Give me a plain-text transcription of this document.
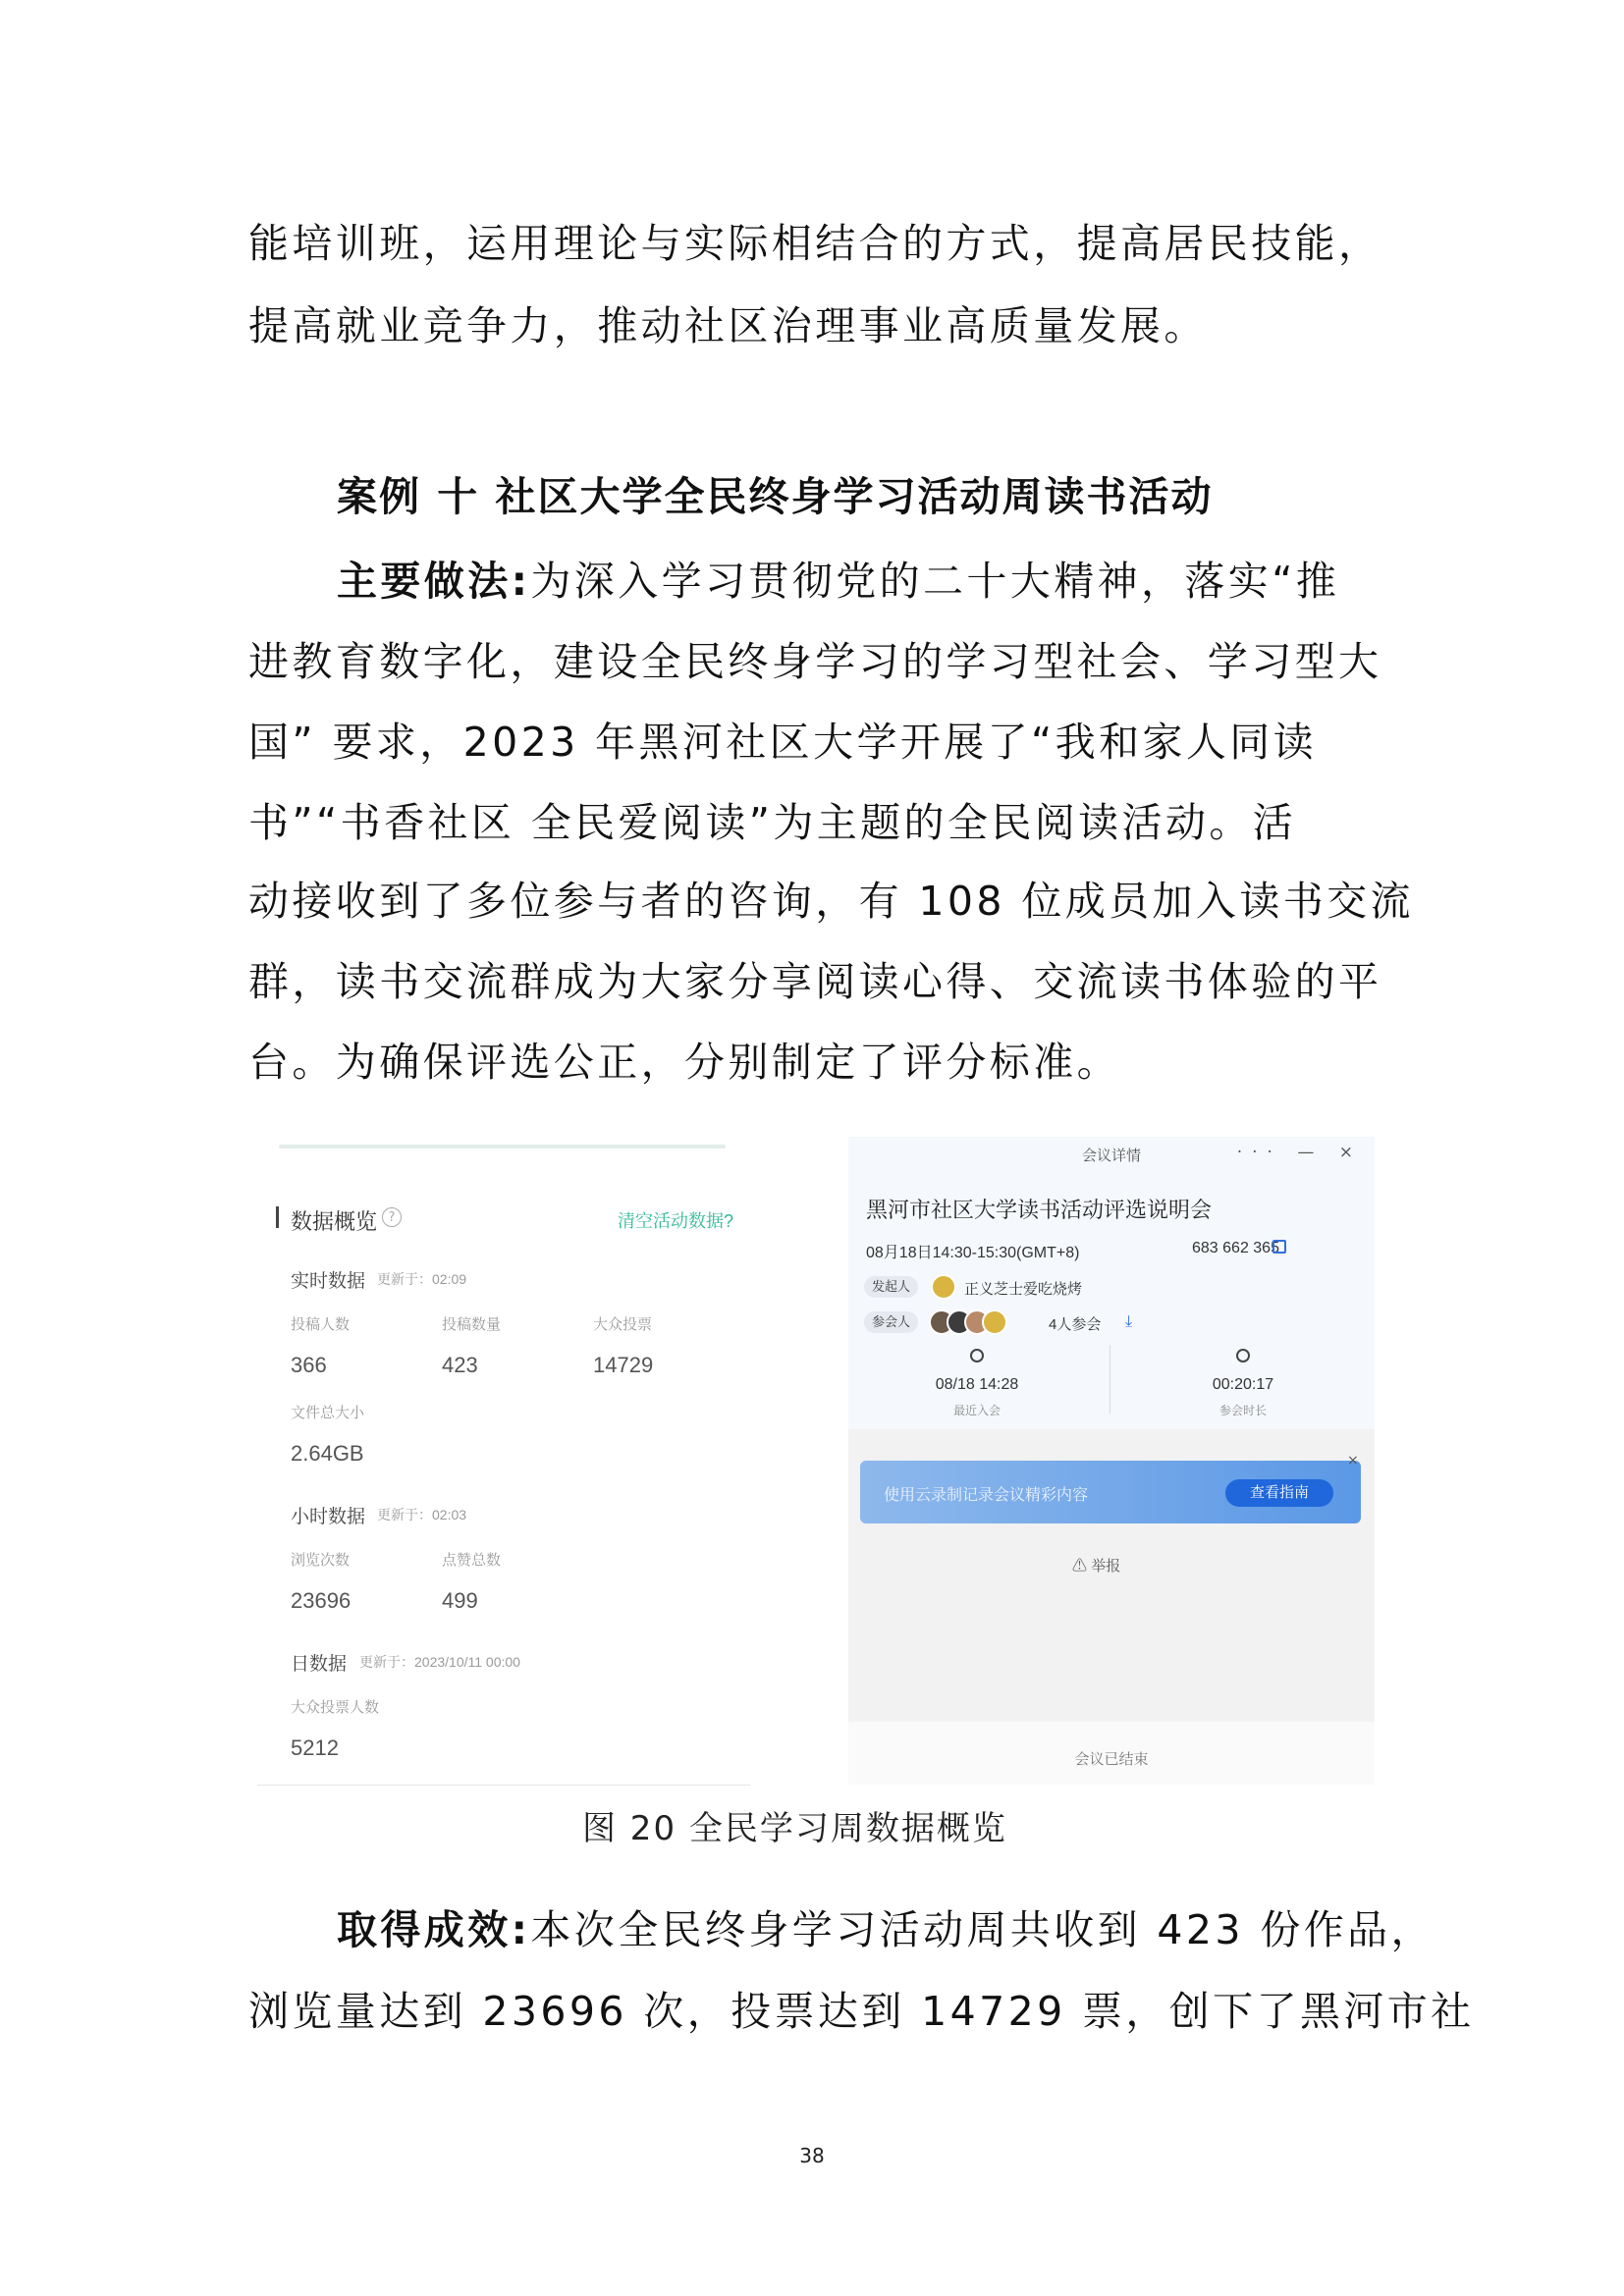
能培训班，运用理论与实际相结合的方式，提高居民技能，
提高就业竞争力，推动社区治理事业高质量发展。
案例 十 社区大学全民终身学习活动周读书活动
主要做法:为深入学习贯彻党的二十大精神，落实“推
进教育数字化，建设全民终身学习的学习型社会、学习型大
国” 要求，2023 年黑河社区大学开展了“我和家人同读
书”“书香社区 全民爱阅读”为主题的全民阅读活动。活
动接收到了多位参与者的咨询，有 108 位成员加入读书交流
群，读书交流群成为大家分享阅读心得、交流读书体验的平
台。为确保评选公正，分别制定了评分标准。
数据概览 ?	清空活动数据?
实时数据 更新于：02:09
投稿人数	投稿数量	大众投票
366	423	14729
文件总大小
2.64GB
小时数据 更新于：02:03
浏览次数	点赞总数
23696	499
日数据 更新于：2023/10/11 00:00
大众投票人数
5212
会议详情	··· — ×
黑河市社区大学读书活动评选说明会
08月18日14:30-15:30(GMT+8)	683 662 365
发起人	正义芝士爱吃烧烤
参会人	4人参会 ⤓
08/18 14:28
最近入会
00:20:17
参会时长
使用云录制记录会议精彩内容	查看指南
×
⚠ 举报
会议已结束
图 20 全民学习周数据概览
取得成效:本次全民终身学习活动周共收到 423 份作品，
浏览量达到 23696 次，投票达到 14729 票，创下了黑河市社
38
